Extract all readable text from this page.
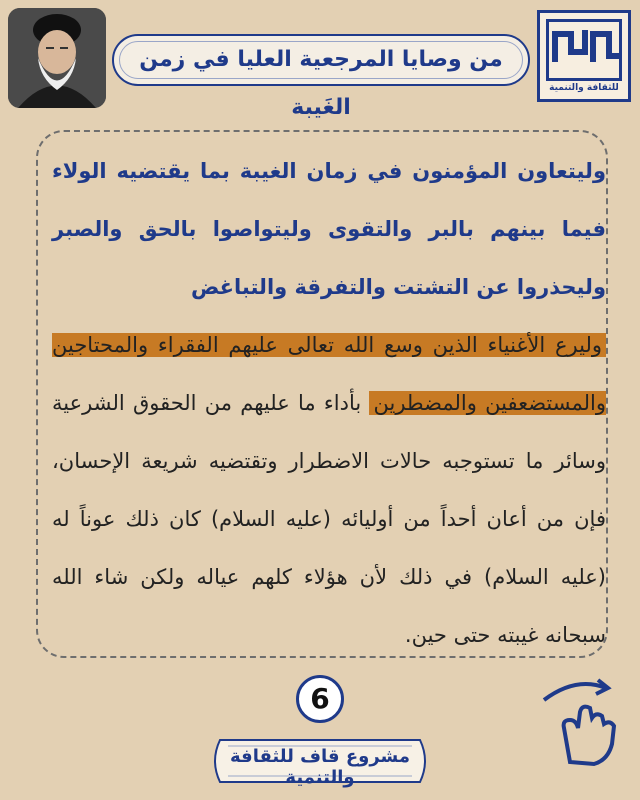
للثقافة والتنمية
من وصايا المرجعية العليا في زمن الغَيبة
وليتعاون المؤمنون في زمان الغيبة بما يقتضيه الولاء فيما بينهم بالبر والتقوى وليتواصوا بالحق والصبر وليحذروا عن التشتت والتفرقة والتباغض
وليرع الأغنياء الذين وسع الله تعالى عليهم الفقراء والمحتاجين والمستضعفين والمضطرين بأداء ما عليهم من الحقوق الشرعية وسائر ما تستوجبه حالات الاضطرار وتقتضيه شريعة الإحسان، فإن من أعان أحداً من أوليائه (عليه السلام) كان ذلك عوناً له (عليه السلام) في ذلك لأن هؤلاء كلهم عياله ولكن شاء الله سبحانه غيبته حتى حين.
6
مشروع قاف للثقافة والتنمية
